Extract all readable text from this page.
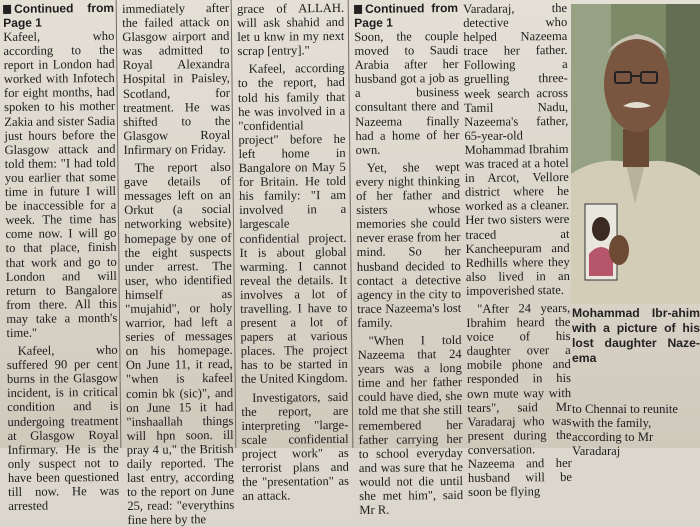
Continued from Page 1

Kafeel, who according to the report in London had worked with Infotech for eight months, had spoken to his mother Zakia and sister Sadia just hours before the Glasgow attack and told them: "I had told you earlier that some time in future I will be inaccessible for a week. The time has come now. I will go to that place, finish that work and go to London and will return to Bangalore from there. All this may take a month's time."

Kafeel, who suffered 90 per cent burns in the Glasgow incident, is in critical condition and is undergoing treatment at Glasgow Royal Infirmary. He is the only suspect not to have been questioned till now. He was arrested

immediately after the failed attack on Glasgow airport and was admitted to Royal Alexandra Hospital in Paisley, Scotland, for treatment. He was shifted to the Glasgow Royal Infirmary on Friday.

The report also gave details of messages left on an Orkut (a social networking website) homepage by one of the eight suspects under arrest. The user, who identified himself as "mujahid", or holy warrior, had left a series of messages on his homepage. On June 11, it read, "when is kafeel comin bk (sic)", and on June 15 it had "inshaallah things will hpn soon. ill pray 4 u," the British daily reported. The last entry, according to the report on June 25, read: "everythins fine here by the

grace of ALLAH. will ask shahid and let u knw in my next scrap [entry]."

Kafeel, according to the report, had told his family that he was involved in a "confidential project" before he left home in Bangalore on May 5 for Britain. He told his family: "I am involved in a largescale confidential project. It is about global warming. I cannot reveal the details. It involves a lot of travelling. I have to present a lot of papers at various places. The project has to be started in the United Kingdom.

Investigators, said the report, are interpreting "large-scale confidential project work" as terrorist plans and the "presentation" as an attack.

Continued from Page 1

Soon, the couple moved to Saudi Arabia after her husband got a job as a business consultant there and Nazeema finally had a home of her own.

Yet, she wept every night thinking of her father and sisters whose memories she could never erase from her mind. So her husband decided to contact a detective agency in the city to trace Nazeema's lost family.

"When I told Nazeema that 24 years was a long time and her father could have died, she told me that she still remembered her father carrying her to school everyday and was sure that he would not die until she met him", said Mr R.

Varadaraj, the detective who helped Nazeema trace her father. Following a gruelling three-week search across Tamil Nadu, Nazeema's father, 65-year-old Mohammad Ibrahim was traced at a hotel in Arcot, Vellore district where he worked as a cleaner. Her two sisters were traced at Kancheepuram and Redhills where they also lived in an impoverished state.

"After 24 years, Ibrahim heard the voice of his daughter over a mobile phone and responded in his own mute way with tears", said Mr Varadaraj who was present during the conversation. Nazeema and her husband will be soon be flying

Mohammad Ibr-ahim with a picture of his lost daughter Naze-ema
to Chennai to reunite with the family, according to Mr Varadaraj
